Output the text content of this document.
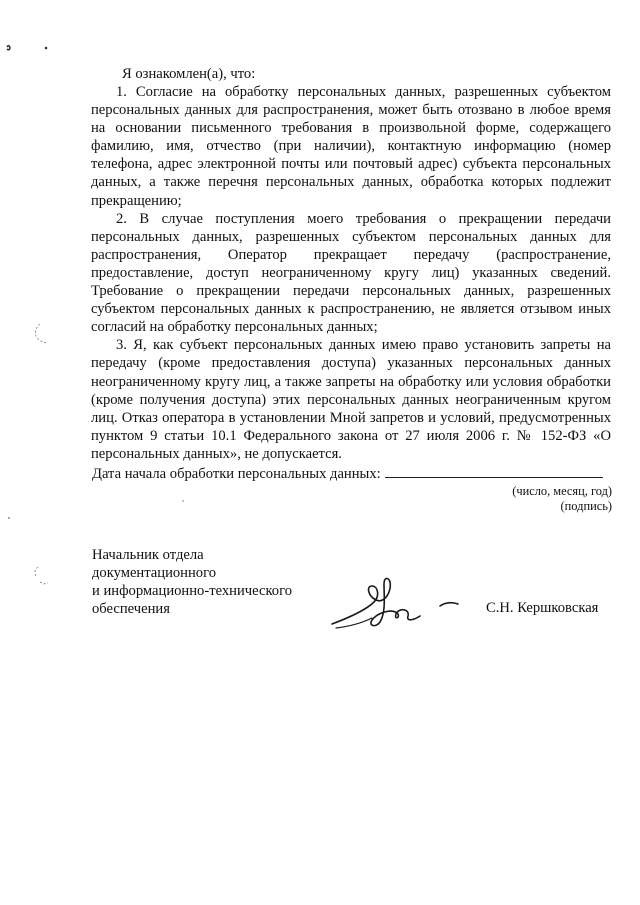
Я ознакомлен(а), что:

1. Согласие на обработку персональных данных, разрешенных субъектом персональных данных для распространения, может быть отозвано в любое время на основании письменного требования в произвольной форме, содержащего фамилию, имя, отчество (при наличии), контактную информацию (номер телефона, адрес электронной почты или почтовый адрес) субъекта персональных данных, а также перечня персональных данных, обработка которых подлежит прекращению;

2. В случае поступления моего требования о прекращении передачи персональных данных, разрешенных субъектом персональных данных для распространения, Оператор прекращает передачу (распространение, предоставление, доступ неограниченному кругу лиц) указанных сведений. Требование о прекращении передачи персональных данных, разрешенных субъектом персональных данных к распространению, не является отзывом иных согласий на обработку персональных данных;

3. Я, как субъект персональных данных имею право установить запреты на передачу (кроме предоставления доступа) указанных персональных данных неограниченному кругу лиц, а также запреты на обработку или условия обработки (кроме получения доступа) этих персональных данных неограниченным кругом лиц. Отказ оператора в установлении Мной запретов и условий, предусмотренных пунктом 9 статьи 10.1 Федерального закона от 27 июля 2006 г. № 152-ФЗ «О персональных данных», не допускается.

Дата начала обработки персональных данных:
(число, месяц, год)
(подпись)

Начальник отдела
документационного
и информационно-технического
обеспечения	С.Н. Кершковская
